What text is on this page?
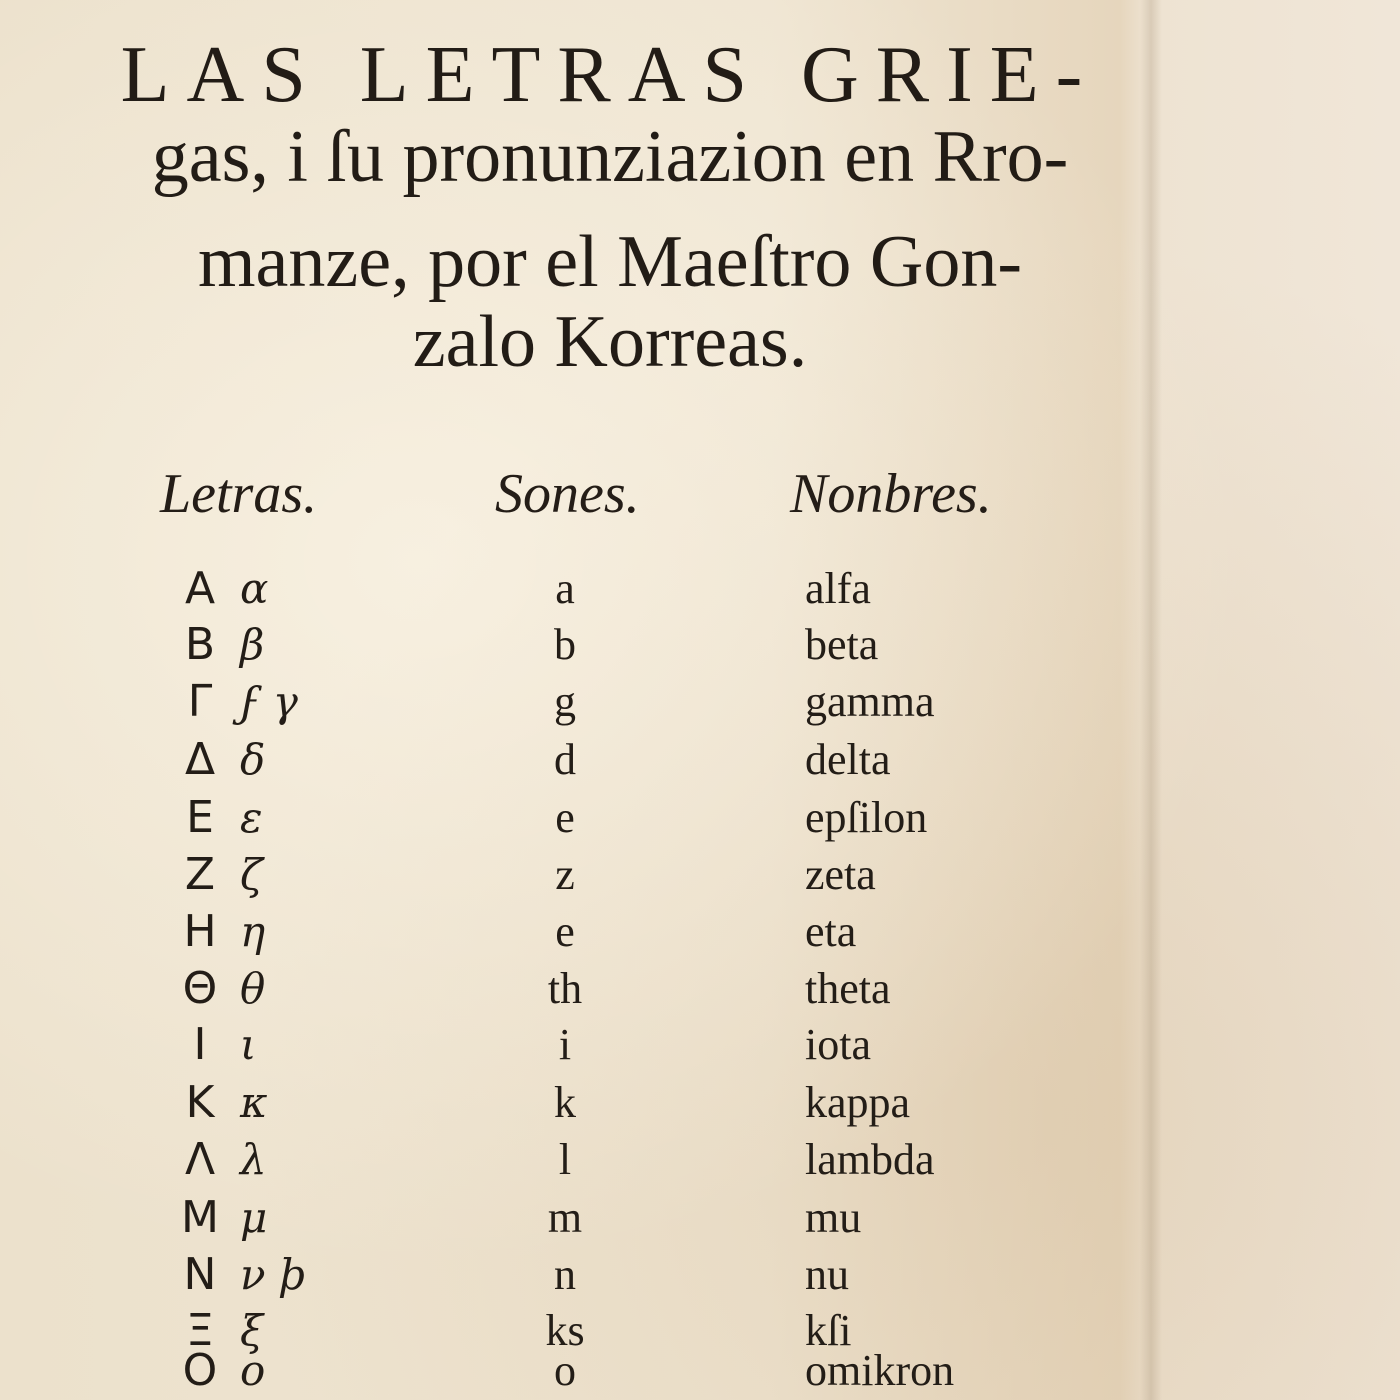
LAS LETRAS GRIE-
gas, i ſu pronunziazion en Rro-
manze, por el Maeſtro Gon-
zalo Korreas.
Letras.	Sones.	Nonbres.
Α α	a	alfa
Β β	b	beta
Γ ϝ γ	g	gamma
Δ δ	d	delta
Ε ε	e	epſilon
Ζ ζ	z	zeta
Η η	e	eta
Θ θ	th	theta
Ι ι	i	iota
Κ κ	k	kappa
Λ λ	l	lambda
Μ μ	m	mu
Ν ν ϸ	n	nu
Ξ ξ	ks	kſi
Ο ο	o	omikron
